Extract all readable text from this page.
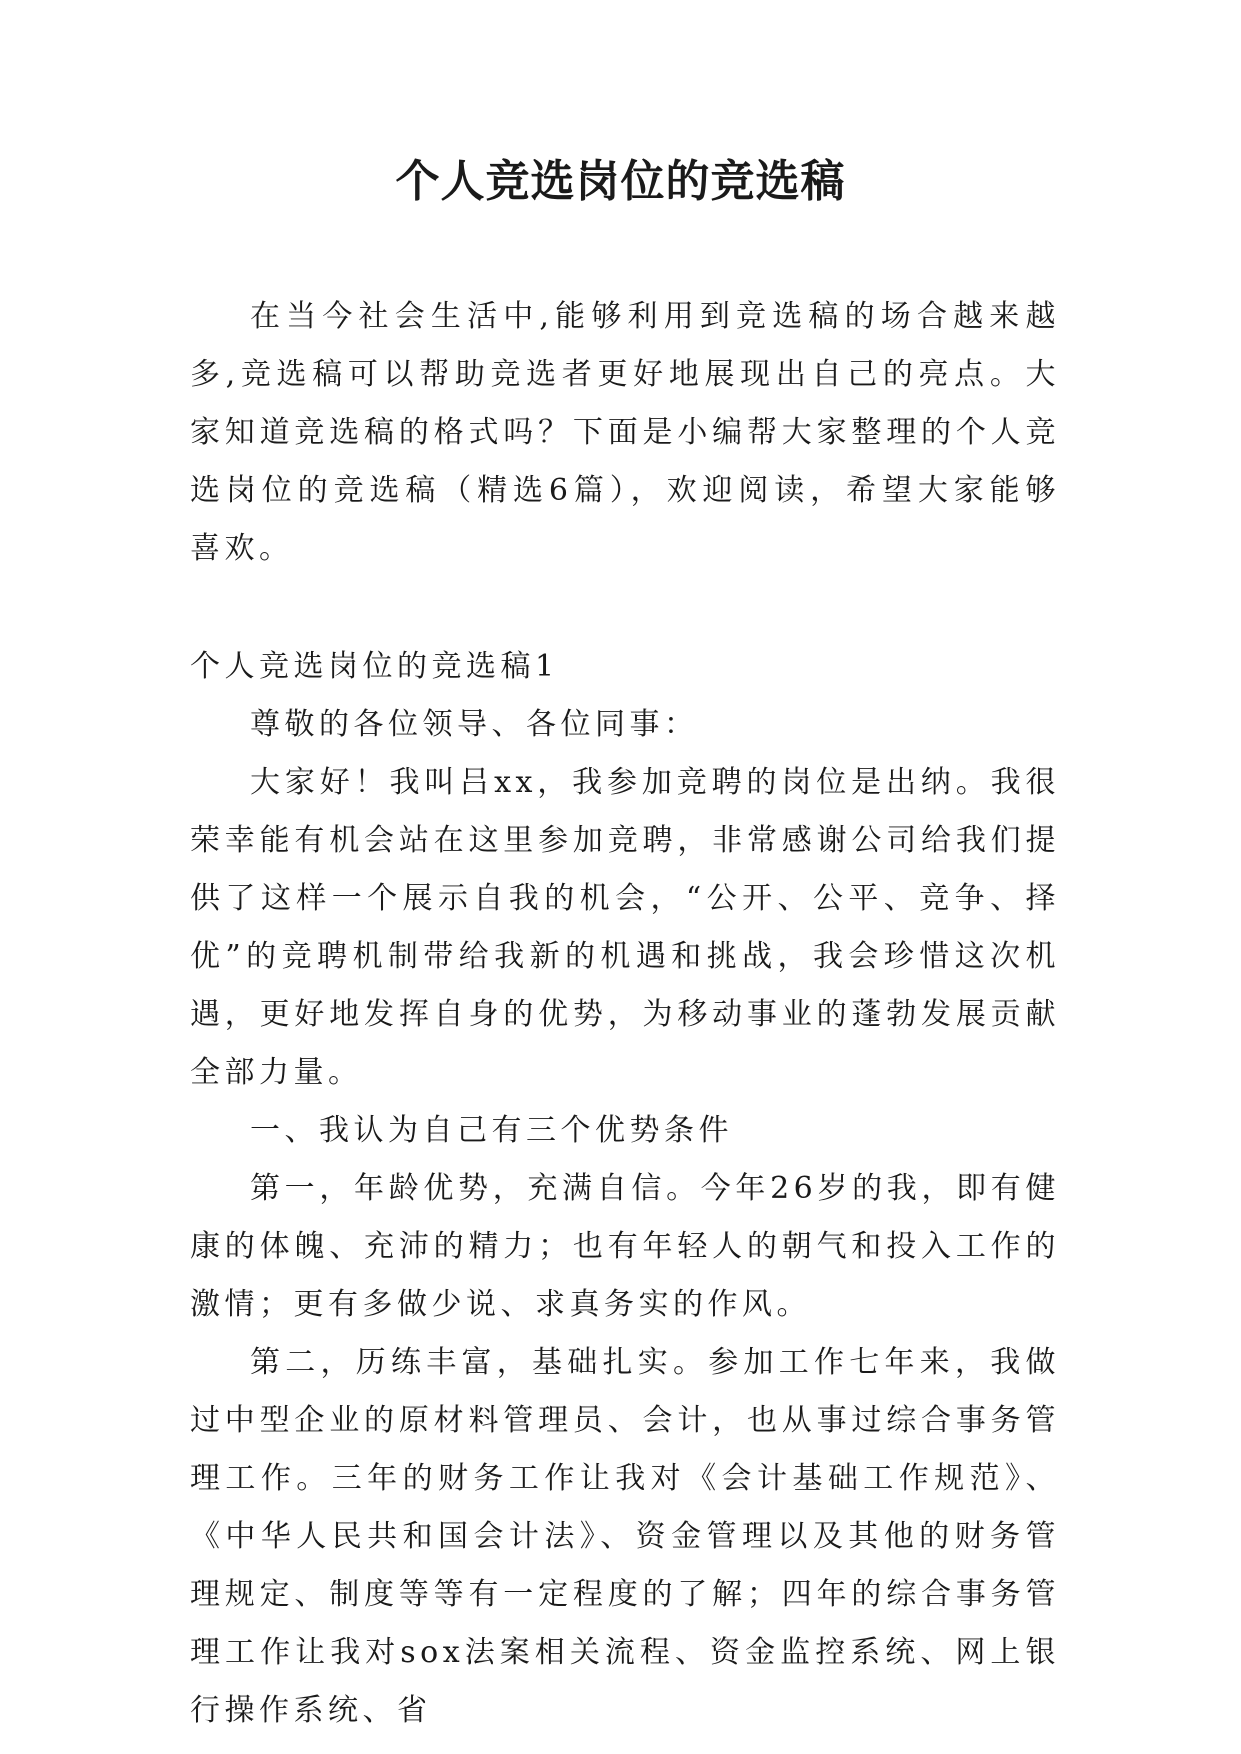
个人竞选岗位的竞选稿

在当今社会生活中,能够利用到竞选稿的场合越来越多,竞选稿可以帮助竞选者更好地展现出自己的亮点。大家知道竞选稿的格式吗？下面是小编帮大家整理的个人竞选岗位的竞选稿（精选6篇），欢迎阅读，希望大家能够喜欢。

个人竞选岗位的竞选稿1

尊敬的各位领导、各位同事：

大家好！我叫吕xx，我参加竞聘的岗位是出纳。我很荣幸能有机会站在这里参加竞聘，非常感谢公司给我们提供了这样一个展示自我的机会，“公开、公平、竞争、择优”的竞聘机制带给我新的机遇和挑战，我会珍惜这次机遇，更好地发挥自身的优势，为移动事业的蓬勃发展贡献全部力量。

一、我认为自己有三个优势条件

第一，年龄优势，充满自信。今年26岁的我，即有健康的体魄、充沛的精力；也有年轻人的朝气和投入工作的激情；更有多做少说、求真务实的作风。

第二，历练丰富，基础扎实。参加工作七年来，我做过中型企业的原材料管理员、会计，也从事过综合事务管理工作。三年的财务工作让我对《会计基础工作规范》、《中华人民共和国会计法》、资金管理以及其他的财务管理规定、制度等等有一定程度的了解；四年的综合事务管理工作让我对sox法案相关流程、资金监控系统、网上银行操作系统、省
